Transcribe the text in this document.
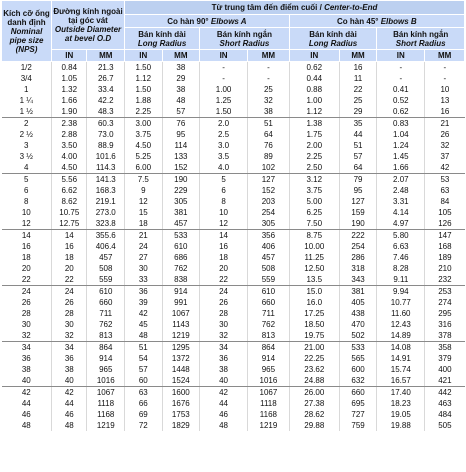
Kích cỡ ống danh định
Nominal pipe size (NPS)	Đường kính ngoài tại góc vát
Outside Diameter at bevel O.D		Từ trung tâm đến điểm cuối / Center-to-End							
			Co hàn 90° Elbows A				Co hàn 45° Elbows B			
			Bán kính dài
Long Radius		Bán kính ngắn
Short Radius		Bán kính dài
Long Radius		Bán kính ngắn
Short Radius	
	IN	MM	IN	MM	IN	MM	IN	MM	IN	MM
1/2	0.84	21.3	1.50	38	-	-	0.62	16	-	-
3/4	1.05	26.7	1.12	29	-	-	0.44	11	-	-
1	1.32	33.4	1.50	38	1.00	25	0.88	22	0.41	10
1 ¼	1.66	42.2	1.88	48	1.25	32	1.00	25	0.52	13
1 ½	1.90	48.3	2.25	57	1.50	38	1.12	29	0.62	16
2	2.38	60.3	3.00	76	2.0	51	1.38	35	0.83	21
2 ½	2.88	73.0	3.75	95	2.5	64	1.75	44	1.04	26
3	3.50	88.9	4.50	114	3.0	76	2.00	51	1.24	32
3 ½	4.00	101.6	5.25	133	3.5	89	2.25	57	1.45	37
4	4.50	114.3	6.00	152	4.0	102	2.50	64	1.66	42
5	5.56	141.3	7.5	190	5	127	3.12	79	2.07	53
6	6.62	168.3	9	229	6	152	3.75	95	2.48	63
8	8.62	219.1	12	305	8	203	5.00	127	3.31	84
10	10.75	273.0	15	381	10	254	6.25	159	4.14	105
12	12.75	323.8	18	457	12	305	7.50	190	4.97	126
14	14	355.6	21	533	14	356	8.75	222	5.80	147
16	16	406.4	24	610	16	406	10.00	254	6.63	168
18	18	457	27	686	18	457	11.25	286	7.46	189
20	20	508	30	762	20	508	12.50	318	8.28	210
22	22	559	33	838	22	559	13.5	343	9.11	232
24	24	610	36	914	24	610	15.0	381	9.94	253
26	26	660	39	991	26	660	16.0	405	10.77	274
28	28	711	42	1067	28	711	17.25	438	11.60	295
30	30	762	45	1143	30	762	18.50	470	12.43	316
32	32	813	48	1219	32	813	19.75	502	14.89	378
34	34	864	51	1295	34	864	21.00	533	14.08	358
36	36	914	54	1372	36	914	22.25	565	14.91	379
38	38	965	57	1448	38	965	23.62	600	15.74	400
40	40	1016	60	1524	40	1016	24.88	632	16.57	421
42	42	1067	63	1600	42	1067	26.00	660	17.40	442
44	44	1118	66	1676	44	1118	27.38	695	18.23	463
46	46	1168	69	1753	46	1168	28.62	727	19.05	484
48	48	1219	72	1829	48	1219	29.88	759	19.88	505
